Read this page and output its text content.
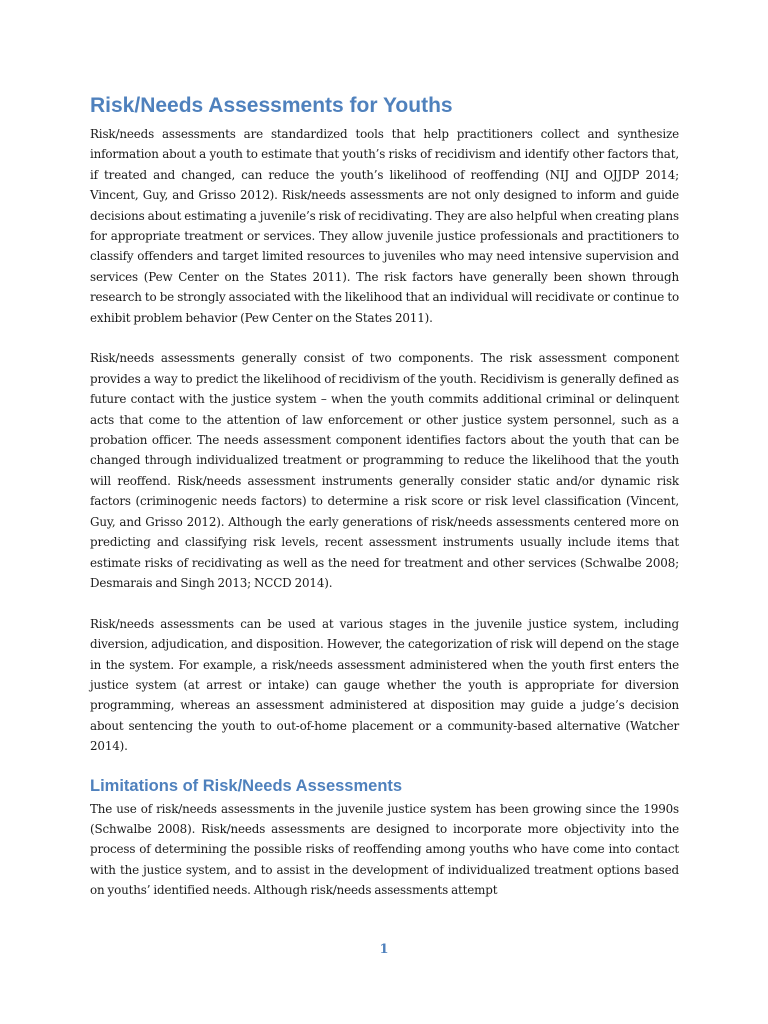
Risk/Needs Assessments for Youths

Risk/needs assessments are standardized tools that help practitioners collect and synthesize information about a youth to estimate that youth’s risks of recidivism and identify other factors that, if treated and changed, can reduce the youth’s likelihood of reoffending (NIJ and OJJDP 2014; Vincent, Guy, and Grisso 2012). Risk/needs assessments are not only designed to inform and guide decisions about estimating a juvenile’s risk of recidivating. They are also helpful when creating plans for appropriate treatment or services. They allow juvenile justice professionals and practitioners to classify offenders and target limited resources to juveniles who may need intensive supervision and services (Pew Center on the States 2011). The risk factors have generally been shown through research to be strongly associated with the likelihood that an individual will recidivate or continue to exhibit problem behavior (Pew Center on the States 2011).

Risk/needs assessments generally consist of two components. The risk assessment component provides a way to predict the likelihood of recidivism of the youth. Recidivism is generally defined as future contact with the justice system – when the youth commits additional criminal or delinquent acts that come to the attention of law enforcement or other justice system personnel, such as a probation officer. The needs assessment component identifies factors about the youth that can be changed through individualized treatment or programming to reduce the likelihood that the youth will reoffend. Risk/needs assessment instruments generally consider static and/or dynamic risk factors (criminogenic needs factors) to determine a risk score or risk level classification (Vincent, Guy, and Grisso 2012). Although the early generations of risk/needs assessments centered more on predicting and classifying risk levels, recent assessment instruments usually include items that estimate risks of recidivating as well as the need for treatment and other services (Schwalbe 2008; Desmarais and Singh 2013; NCCD 2014).

Risk/needs assessments can be used at various stages in the juvenile justice system, including diversion, adjudication, and disposition. However, the categorization of risk will depend on the stage in the system. For example, a risk/needs assessment administered when the youth first enters the justice system (at arrest or intake) can gauge whether the youth is appropriate for diversion programming, whereas an assessment administered at disposition may guide a judge’s decision about sentencing the youth to out-of-home placement or a community-based alternative (Watcher 2014).

Limitations of Risk/Needs Assessments

The use of risk/needs assessments in the juvenile justice system has been growing since the 1990s (Schwalbe 2008). Risk/needs assessments are designed to incorporate more objectivity into the process of determining the possible risks of reoffending among youths who have come into contact with the justice system, and to assist in the development of individualized treatment options based on youths’ identified needs. Although risk/needs assessments attempt

1
